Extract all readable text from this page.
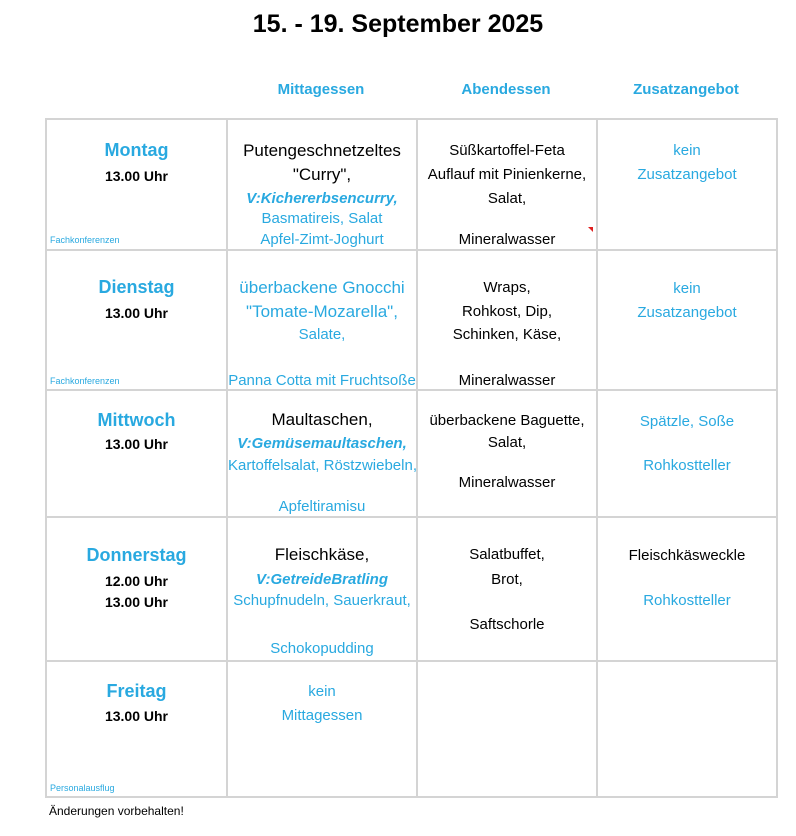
15. - 19. September 2025
Mittagessen	Abendessen	Zusatzangebot
Montag
13.00 Uhr
Fachkonferenzen
Putengeschnetzeltes
"Curry",
V:Kichererbsencurry,
Basmatireis, Salat
Apfel-Zimt-Joghurt
Süßkartoffel-Feta
Auflauf mit Pinienkerne,
Salat,
Mineralwasser
kein
Zusatzangebot
Dienstag
13.00 Uhr
Fachkonferenzen
überbackene Gnocchi
"Tomate-Mozarella",
Salate,
Panna Cotta mit Fruchtsoße
Wraps,
Rohkost, Dip,
Schinken, Käse,
Mineralwasser
kein
Zusatzangebot
Mittwoch
13.00 Uhr
Maultaschen,
V:Gemüsemaultaschen,
Kartoffelsalat, Röstzwiebeln,
Apfeltiramisu
überbackene Baguette,
Salat,
Mineralwasser
Spätzle, Soße
Rohkostteller
Donnerstag
12.00 Uhr
13.00 Uhr
Fleischkäse,
V:GetreideBratling
Schupfnudeln, Sauerkraut,
Schokopudding
Salatbuffet,
Brot,
Saftschorle
Fleischkäsweckle
Rohkostteller
Freitag
13.00 Uhr
Personalausflug
kein
Mittagessen
Änderungen vorbehalten!
